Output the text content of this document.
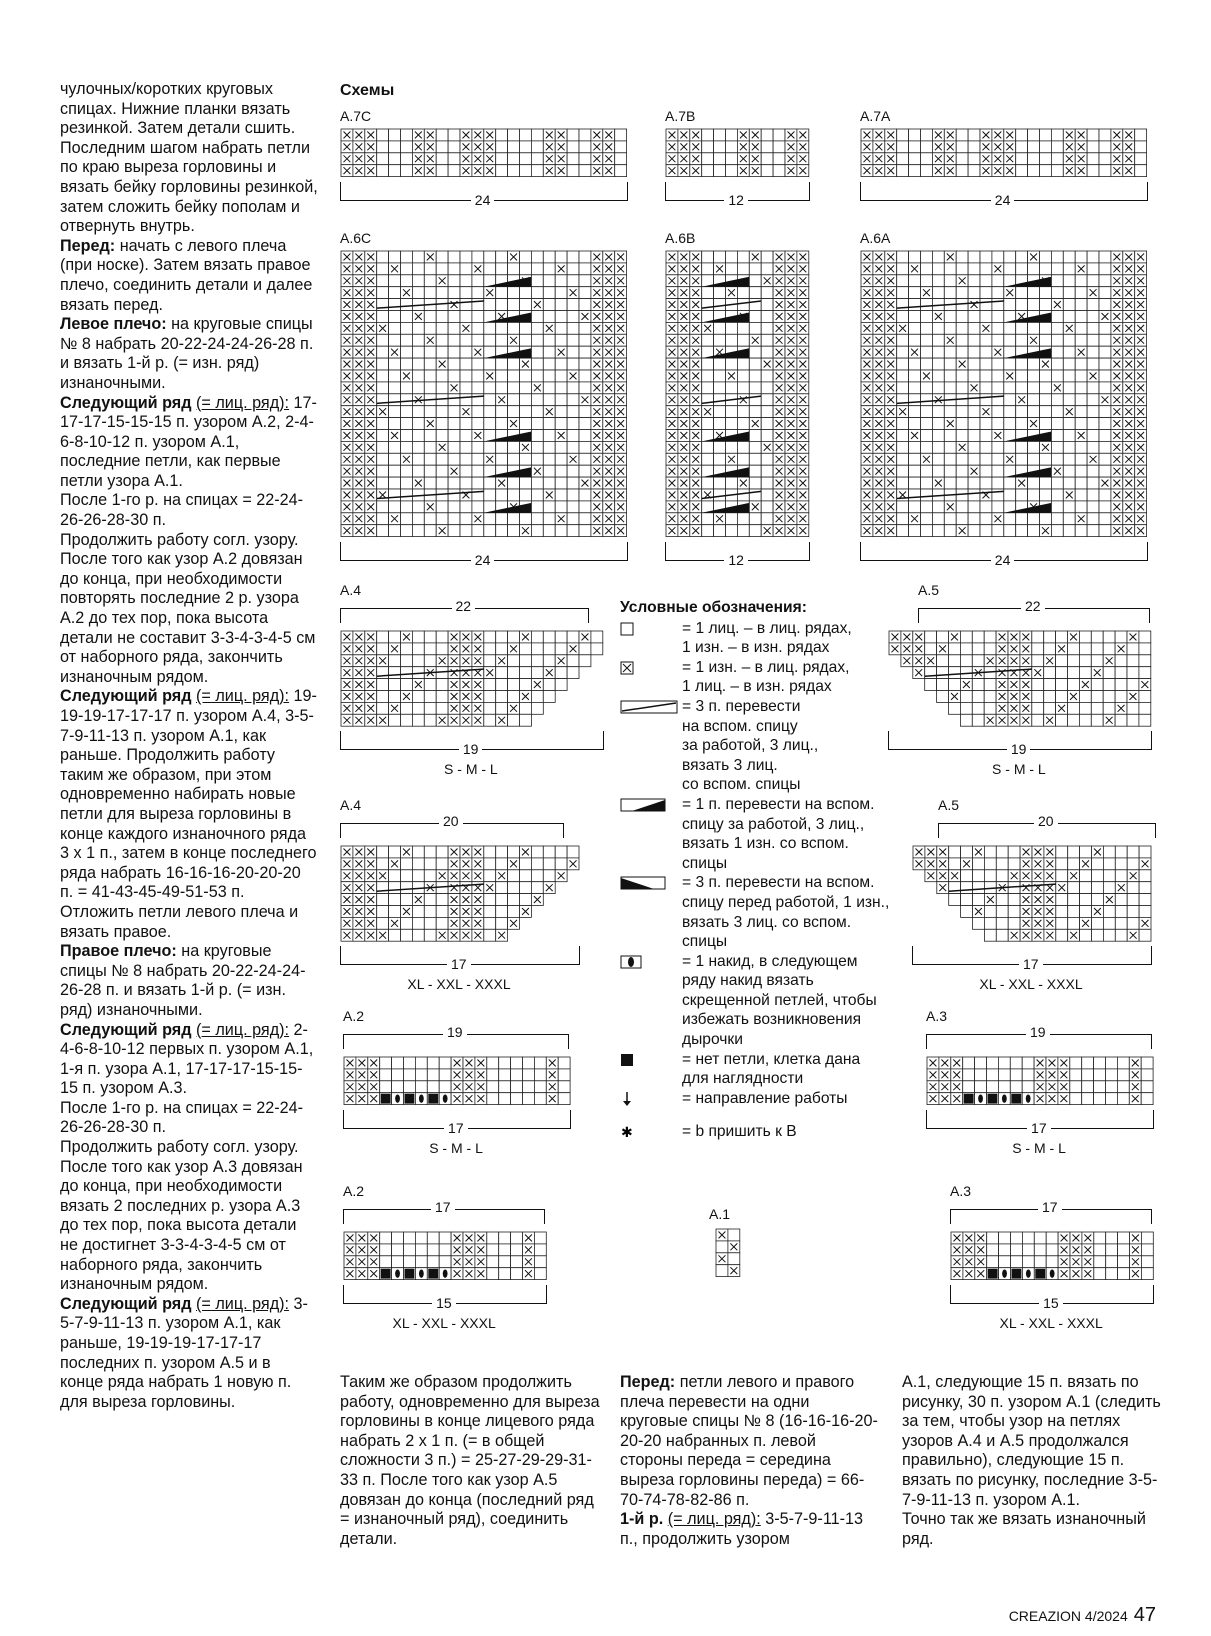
чулочных/коротких круговых спицах. Нижние планки вязать резинкой. Затем детали сшить. Последним шагом набрать петли по краю выреза горловины и вязать бейку горловины резинкой, затем сложить бейку пополам и отвернуть внутрь.

Перед: начать с левого плеча (при носке). Затем вязать правое плечо, соединить детали и далее вязать перед.

Левое плечо: на круговые спицы № 8 набрать 20-22-24-24-26-28 п. и вязать 1-й р. (= изн. ряд) изнаночными.

Следующий ряд (= лиц. ряд): 17-17-17-15-15-15 п. узором А.2, 2-4-6-8-10-12 п. узором А.1, последние петли, как первые петли узора А.1.

После 1-го р. на спицах = 22-24-26-26-28-30 п.

Продолжить работу согл. узору.

После того как узор А.2 довязан до конца, при необходимости повторять последние 2 р. узора А.2 до тех пор, пока высота детали не составит 3-3-4-3-4-5 см от наборного ряда, закончить изнаночным рядом.

Следующий ряд (= лиц. ряд): 19-19-19-17-17-17 п. узором А.4, 3-5-7-9-11-13 п. узором А.1, как раньше. Продолжить работу таким же образом, при этом одновременно набирать новые петли для выреза горловины в конце каждого изнаночного ряда 3 х 1 п., затем в конце последнего ряда набрать 16-16-16-20-20-20 п. = 41-43-45-49-51-53 п.

Отложить петли левого плеча и вязать правое.

Правое плечо: на круговые спицы № 8 набрать 20-22-24-24-26-28 п. и вязать 1-й р. (= изн. ряд) изнаночными.

Следующий ряд (= лиц. ряд): 2-4-6-8-10-12 первых п. узором А.1, 1-я п. узора А.1, 17-17-17-15-15-15 п. узором А.3.

После 1-го р. на спицах = 22-24-26-26-28-30 п.

Продолжить работу согл. узору. После того как узор А.3 довязан до конца, при необходимости вязать 2 последних р. узора А.3 до тех пор, пока высота детали не достигнет 3-3-4-3-4-5 см от наборного ряда, закончить изнаночным рядом.

Следующий ряд (= лиц. ряд): 3-5-7-9-11-13 п. узором А.1, как раньше, 19-19-19-17-17-17 последних п. узором А.5 и в конце ряда набрать 1 новую п. для выреза горловины.

Схемы
A.7C
24
A.7B
12
A.7A
24
A.6C
24
A.6B
12
A.6A
24
A.4
22
19
S - M - L
A.5
22
19
S - M - L
A.4
20
17
XL - XXL - XXXL
A.5
20
17
XL - XXL - XXXL
A.2
19
17
S - M - L
A.3
19
17
S - M - L
A.2
17
15
XL - XXL - XXXL
A.3
17
15
XL - XXL - XXXL
A.1
Условные обозначения:
= 1 лиц. – в лиц. рядах,
1 изн. – в изн. рядах
= 1 изн. – в лиц. рядах,
1 лиц. – в изн. рядах
= 3 п. перевести
на вспом. спицу
за работой, 3 лиц.,
вязать 3 лиц.
со вспом. спицы
= 1 п. перевести на вспом. спицу за работой, 3 лиц., вязать 1 изн. со вспом. спицы
= 3 п. перевести на вспом. спицу перед работой, 1 изн., вязать 3 лиц. со вспом. спицы
= 1 накид, в следующем ряду накид вязать скрещенной петлей, чтобы избежать возникновения дырочки
= нет петли, клетка дана для наглядности
= направление работы
✱	= b пришить к B

Таким же образом продолжить работу, одновременно для выреза горловины в конце лицевого ряда набрать 2 х 1 п. (= в общей сложности 3 п.) = 25-27-29-29-31-33 п. После того как узор А.5 довязан до конца (последний ряд = изнаночный ряд), соединить детали.

Перед: петли левого и правого плеча перевести на одни круговые спицы № 8 (16-16-16-20-20-20 набранных п. левой стороны переда = середина выреза горловины переда) = 66-70-74-78-82-86 п.

1-й р. (= лиц. ряд): 3-5-7-9-11-13 п., продолжить узором

А.1, следующие 15 п. вязать по рисунку, 30 п. узором А.1 (следить за тем, чтобы узор на петлях узоров А.4 и А.5 продолжался правильно), следующие 15 п. вязать по рисунку, последние 3-5-7-9-11-13 п. узором А.1.

Точно так же вязать изнаночный ряд.

CREAZION 4/2024 47
